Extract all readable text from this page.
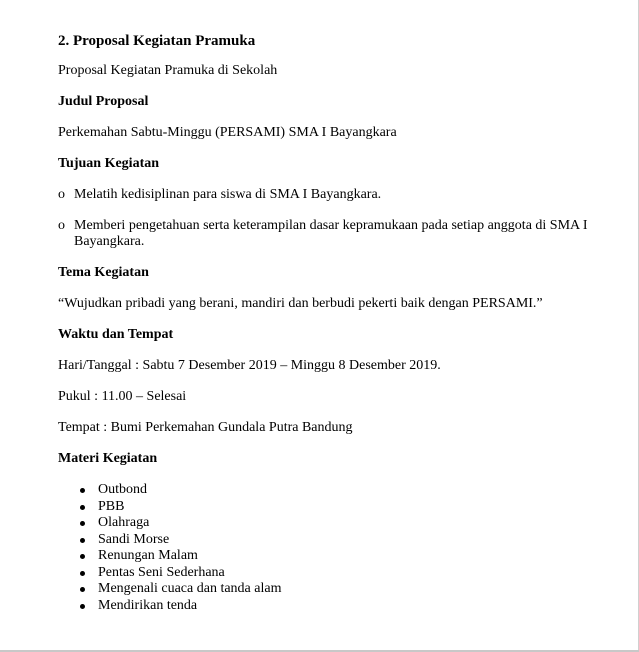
2. Proposal Kegiatan Pramuka

Proposal Kegiatan Pramuka di Sekolah

Judul Proposal

Perkemahan Sabtu-Minggu (PERSAMI) SMA I Bayangkara

Tujuan Kegiatan
o Melatih kedisiplinan para siswa di SMA I Bayangkara.
o Memberi pengetahuan serta keterampilan dasar kepramukaan pada setiap anggota di SMA I Bayangkara.
Tema Kegiatan

“Wujudkan pribadi yang berani, mandiri dan berbudi pekerti baik dengan PERSAMI.”

Waktu dan Tempat

Hari/Tanggal : Sabtu 7 Desember 2019 – Minggu 8 Desember 2019.

Pukul : 11.00 – Selesai

Tempat : Bumi Perkemahan Gundala Putra Bandung

Materi Kegiatan
Outbond
PBB
Olahraga
Sandi Morse
Renungan Malam
Pentas Seni Sederhana
Mengenali cuaca dan tanda alam
Mendirikan tenda
